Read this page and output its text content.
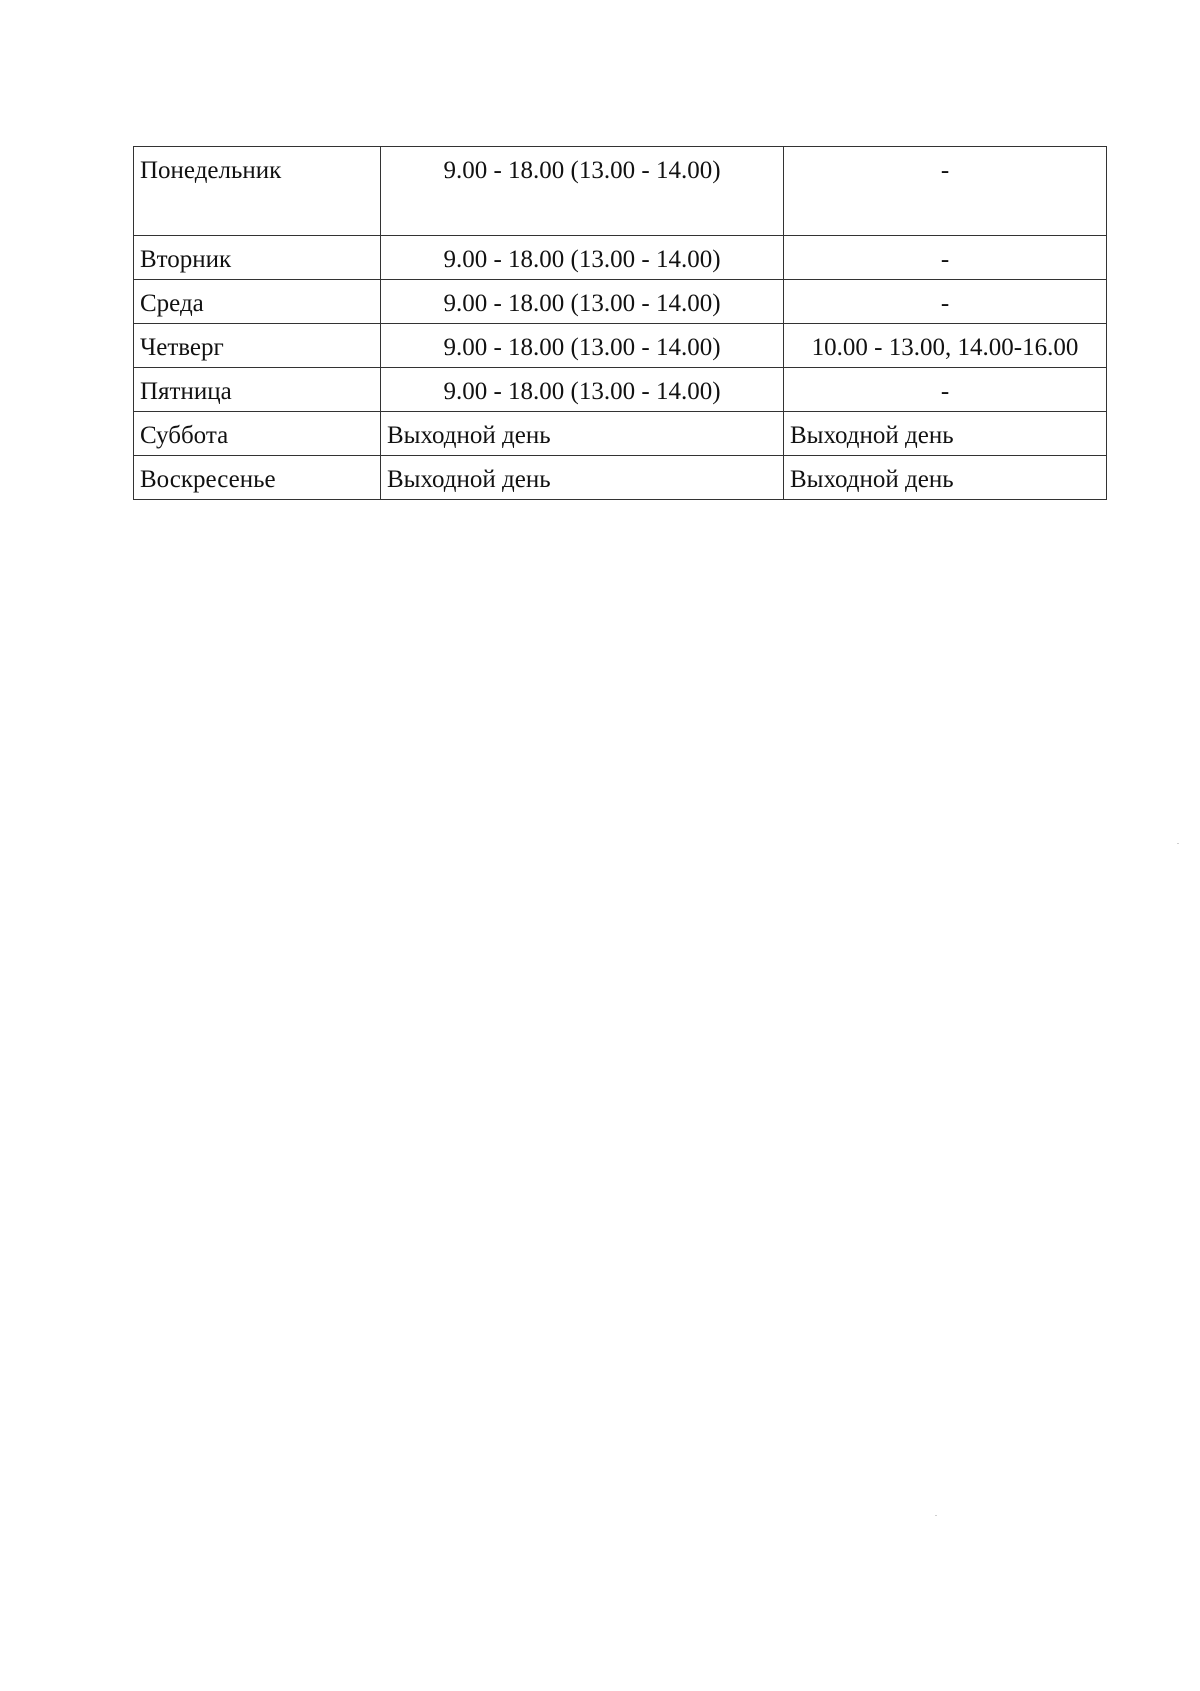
Понедельник	9.00 - 18.00 (13.00 - 14.00)	-
Вторник	9.00 - 18.00 (13.00 - 14.00)	-
Среда	9.00 - 18.00 (13.00 - 14.00)	-
Четверг	9.00 - 18.00 (13.00 - 14.00)	10.00 - 13.00, 14.00-16.00
Пятница	9.00 - 18.00 (13.00 - 14.00)	-
Суббота	Выходной день	Выходной день
Воскресенье	Выходной день	Выходной день
